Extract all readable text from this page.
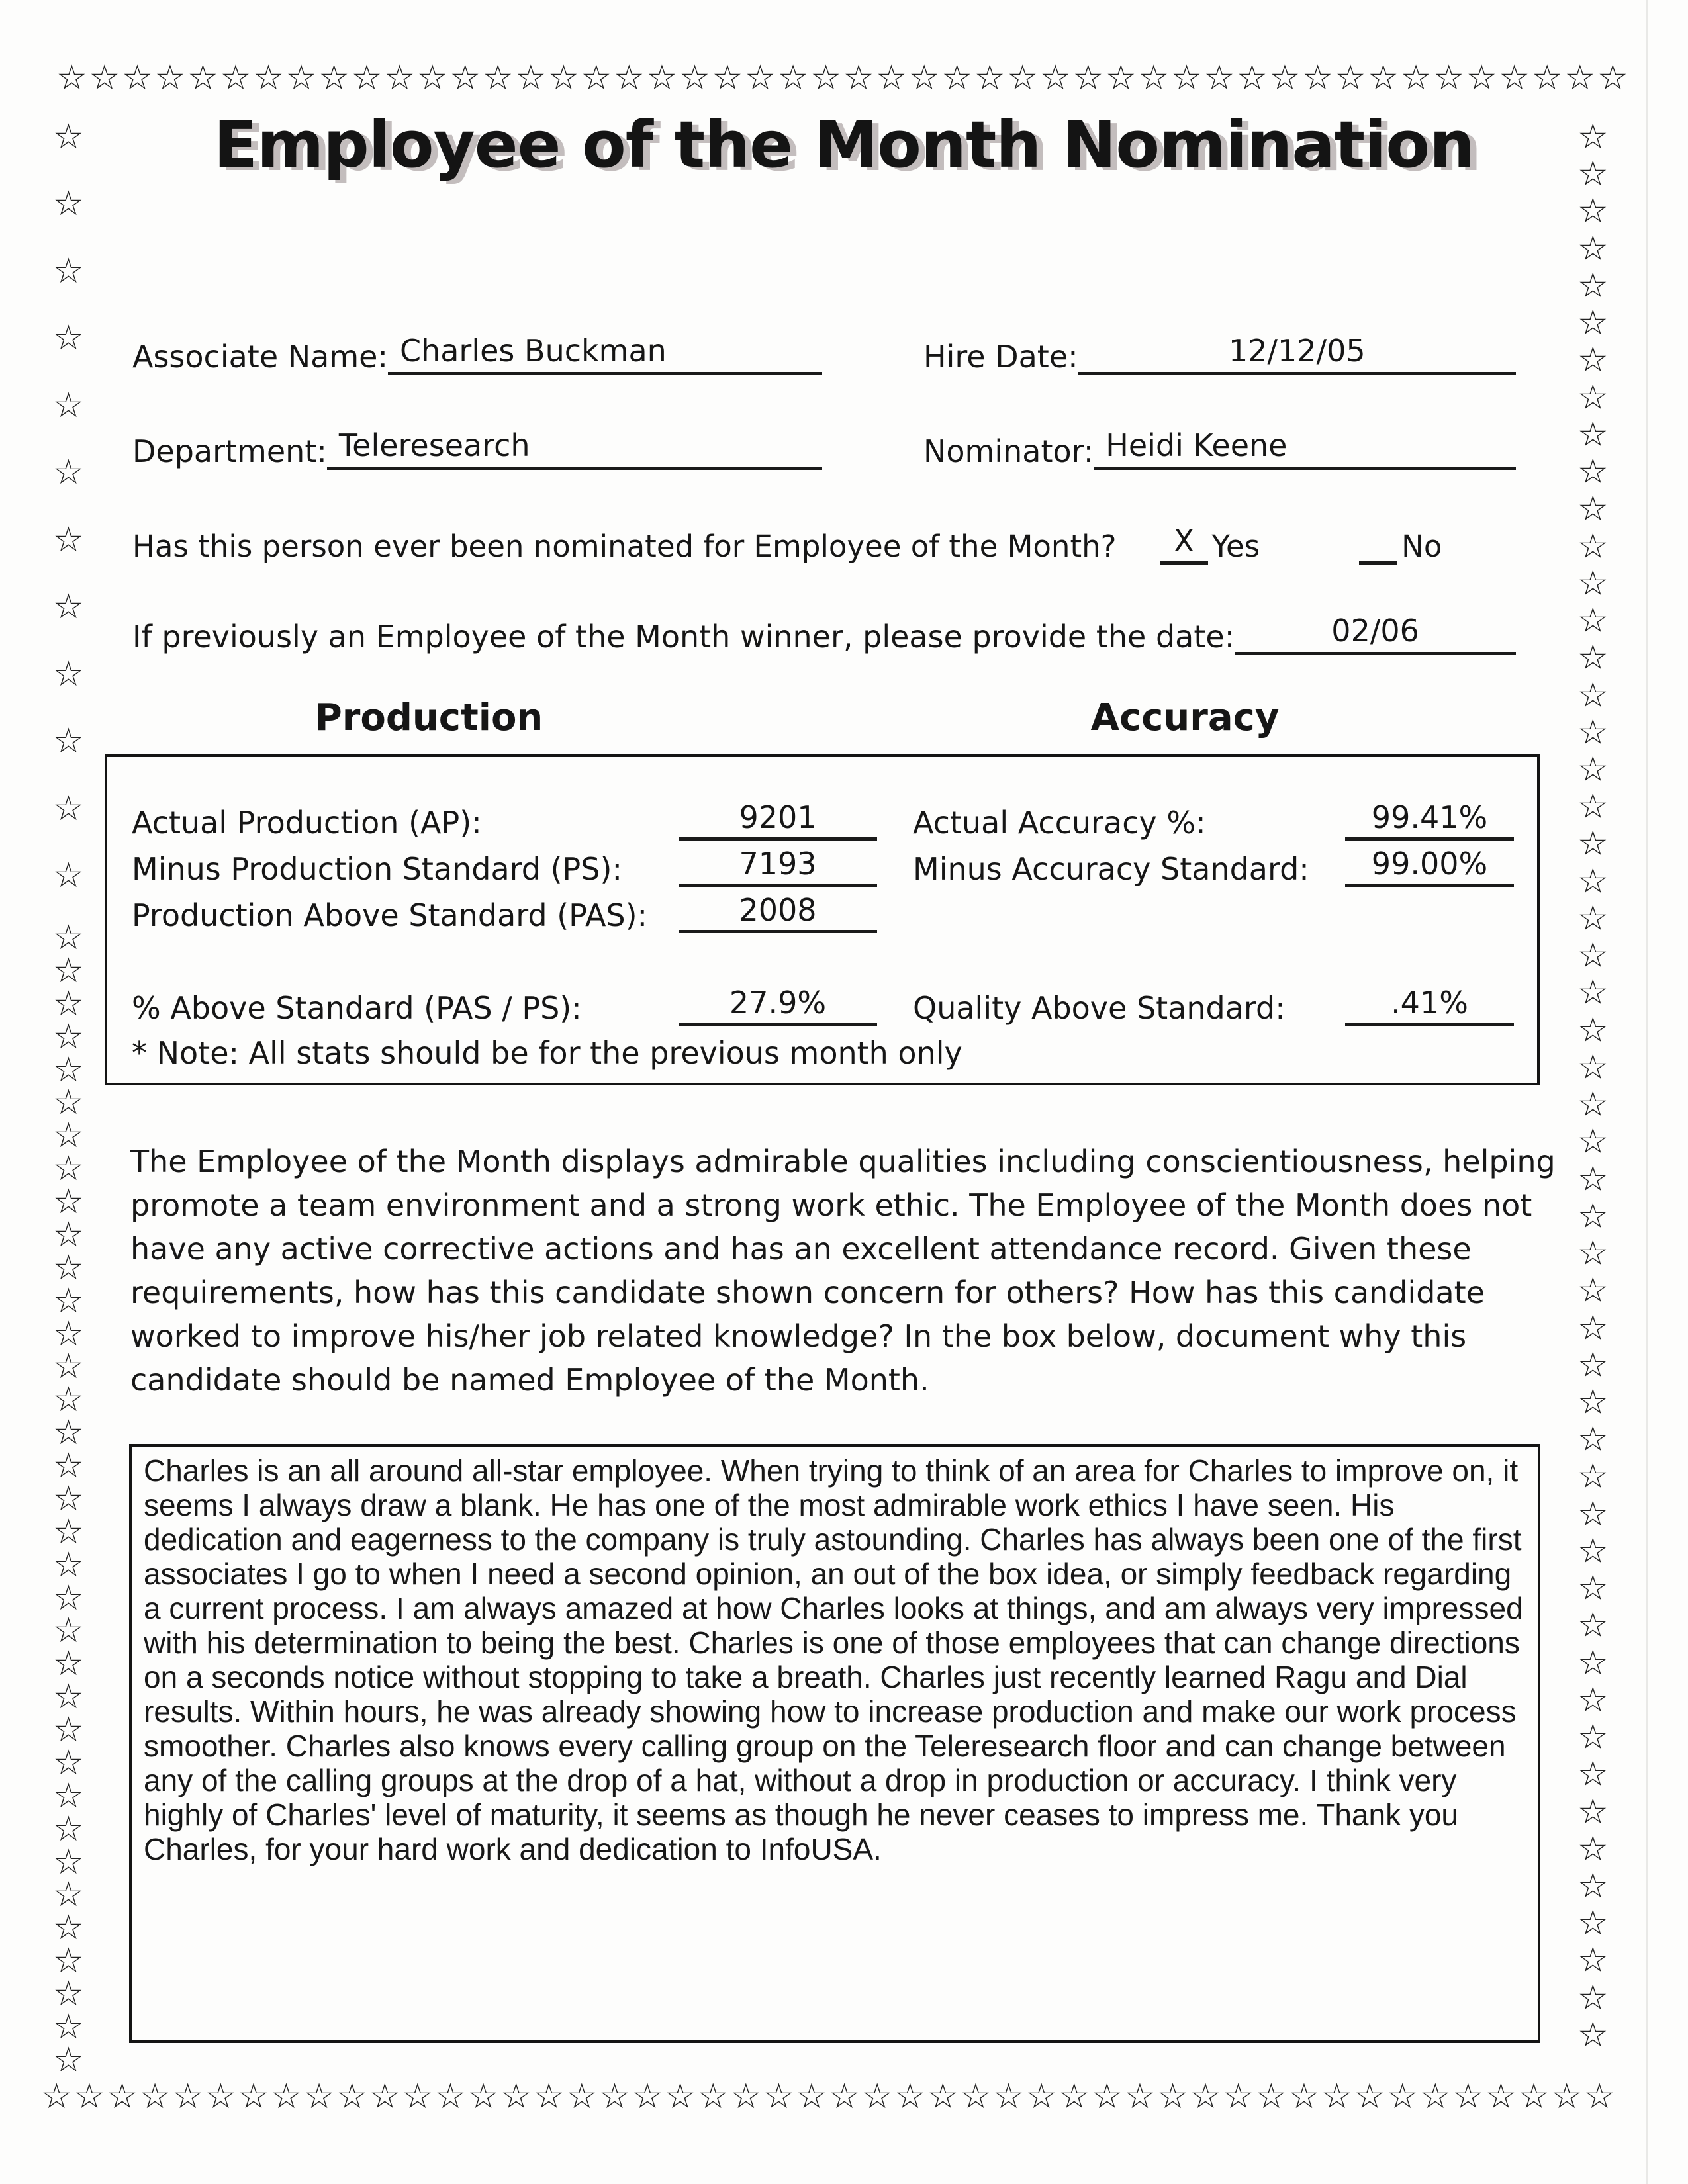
☆ ☆ ☆ ☆ ☆ ☆ ☆ ☆ ☆ ☆ ☆ ☆ ☆ ☆ ☆ ☆ ☆ ☆ ☆ ☆ ☆ ☆ ☆ ☆ ☆ ☆ ☆ ☆ ☆ ☆ ☆ ☆ ☆ ☆ ☆ ☆ ☆ ☆ ☆ ☆ ☆ ☆ ☆ ☆ ☆ ☆ ☆ ☆
☆
☆
☆
☆
☆
☆
☆
☆
☆
☆
☆
☆
☆
☆
☆
☆
☆
☆
☆
☆
☆
☆
☆
☆
☆
☆
☆
☆
☆
☆
☆
☆
☆
☆
☆
☆
☆
☆
☆
☆
☆
☆
☆
☆
☆
☆
☆
☆
☆
☆
☆
☆
☆
☆
☆
☆
☆
☆
☆
☆
☆
☆
☆
☆
☆
☆
☆
☆
☆
☆
☆
☆
☆
☆
☆
☆
☆
☆
☆
☆
☆
☆
☆
☆
☆
☆
☆
☆
☆
☆
☆
☆
☆
☆
☆
☆
☆
☆
☆
☆ ☆ ☆ ☆ ☆ ☆ ☆ ☆ ☆ ☆ ☆ ☆ ☆ ☆ ☆ ☆ ☆ ☆ ☆ ☆ ☆ ☆ ☆ ☆ ☆ ☆ ☆ ☆ ☆ ☆ ☆ ☆ ☆ ☆ ☆ ☆ ☆ ☆ ☆ ☆ ☆ ☆ ☆ ☆ ☆ ☆ ☆ ☆
Employee of the Month Nomination
Associate Name: Charles Buckman	Hire Date:	12/12/05
Department: Teleresearch	Nominator: Heidi Keene
Has this person ever been nominated for Employee of the Month?	X Yes	No
If previously an Employee of the Month winner, please provide the date:	02/06
Production	Accuracy
Actual Production (AP):	9201
Minus Production Standard (PS):	7193
Production Above Standard (PAS):	2008
% Above Standard (PAS / PS):	27.9%
Actual Accuracy %:	99.41%
Minus Accuracy Standard:	99.00%
Quality Above Standard:	.41%
* Note: All stats should be for the previous month only
The Employee of the Month displays admirable qualities including conscientiousness, helping promote a team environment and a strong work ethic. The Employee of the Month does not have any active corrective actions and has an excellent attendance record. Given these requirements, how has this candidate shown concern for others? How has this candidate worked to improve his/her job related knowledge? In the box below, document why this candidate should be named Employee of the Month.
Charles is an all around all-star employee. When trying to think of an area for Charles to improve on, it seems I always draw a blank. He has one of the most admirable work ethics I have seen. His dedication and eagerness to the company is truly astounding. Charles has always been one of the first associates I go to when I need a second opinion, an out of the box idea, or simply feedback regarding a current process. I am always amazed at how Charles looks at things, and am always very impressed with his determination to being the best. Charles is one of those employees that can change directions on a seconds notice without stopping to take a breath. Charles just recently learned Ragu and Dial results. Within hours, he was already showing how to increase production and make our work process smoother. Charles also knows every calling group on the Teleresearch floor and can change between any of the calling groups at the drop of a hat, without a drop in production or accuracy. I think very highly of Charles' level of maturity, it seems as though he never ceases to impress me. Thank you Charles, for your hard work and dedication to InfoUSA.
